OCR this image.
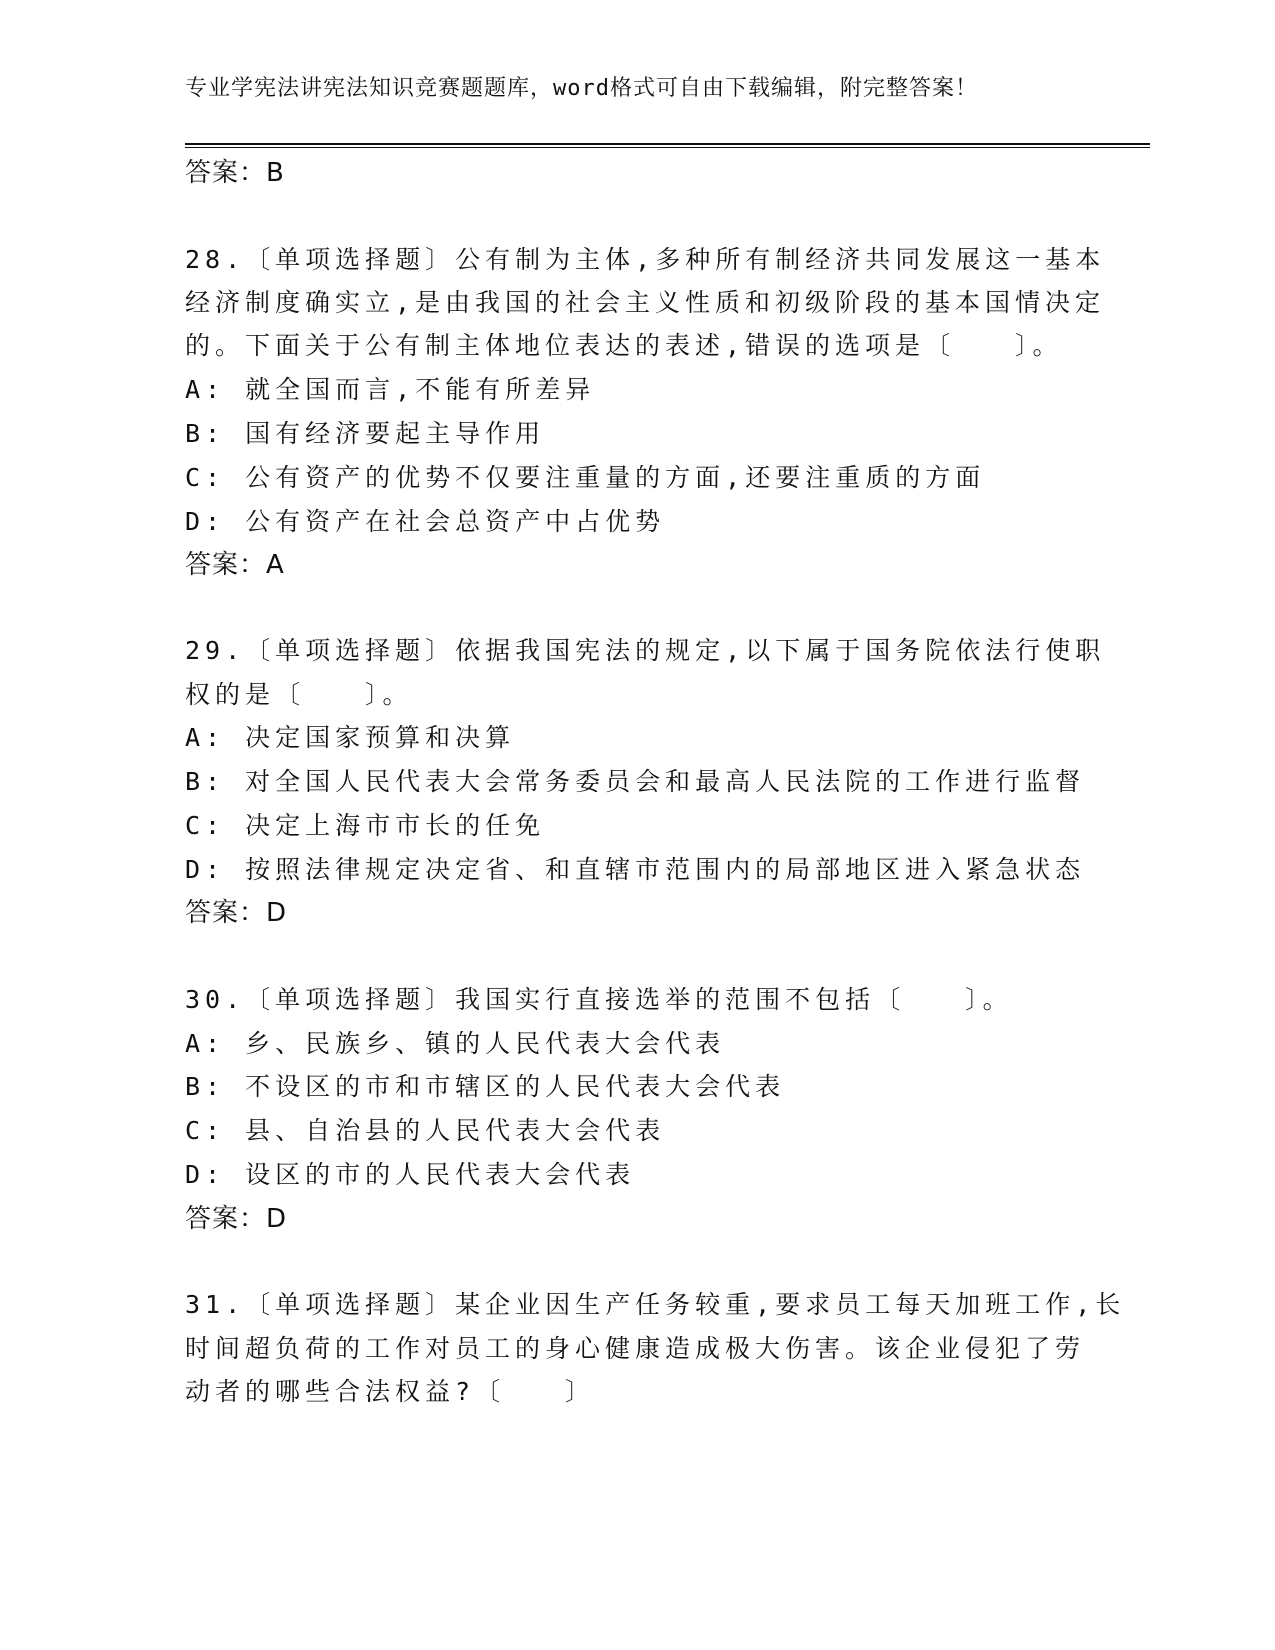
专业学宪法讲宪法知识竞赛题题库，word格式可自由下载编辑，附完整答案！
答案：B
28.〔单项选择题〕公有制为主体,多种所有制经济共同发展这一基本
经济制度确实立,是由我国的社会主义性质和初级阶段的基本国情决定
的。下面关于公有制主体地位表达的表述,错误的选项是〔　　〕。
A: 就全国而言,不能有所差异
B: 国有经济要起主导作用
C: 公有资产的优势不仅要注重量的方面,还要注重质的方面
D: 公有资产在社会总资产中占优势
答案：A
29.〔单项选择题〕依据我国宪法的规定,以下属于国务院依法行使职
权的是〔　　〕。
A: 决定国家预算和决算
B: 对全国人民代表大会常务委员会和最高人民法院的工作进行监督
C: 决定上海市市长的任免
D: 按照法律规定决定省、和直辖市范围内的局部地区进入紧急状态
答案：D
30.〔单项选择题〕我国实行直接选举的范围不包括〔　　〕。
A: 乡、民族乡、镇的人民代表大会代表
B: 不设区的市和市辖区的人民代表大会代表
C: 县、自治县的人民代表大会代表
D: 设区的市的人民代表大会代表
答案：D
31.〔单项选择题〕某企业因生产任务较重,要求员工每天加班工作,长
时间超负荷的工作对员工的身心健康造成极大伤害。该企业侵犯了劳
动者的哪些合法权益?〔　　〕
